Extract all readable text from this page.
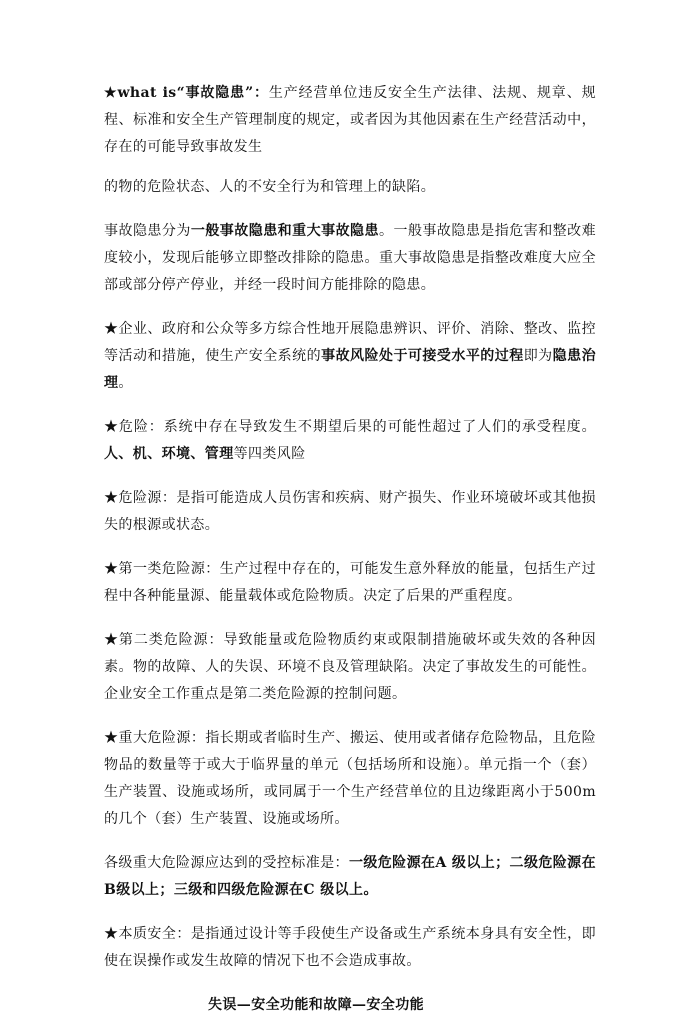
★what is“事故隐患”：生产经营单位违反安全生产法律、法规、规章、规程、标准和安全生产管理制度的规定，或者因为其他因素在生产经营活动中，存在的可能导致事故发生

的物的危险状态、人的不安全行为和管理上的缺陷。

事故隐患分为一般事故隐患和重大事故隐患。一般事故隐患是指危害和整改难度较小，发现后能够立即整改排除的隐患。重大事故隐患是指整改难度大应全部或部分停产停业，并经一段时间方能排除的隐患。

★企业、政府和公众等多方综合性地开展隐患辨识、评价、消除、整改、监控等活动和措施，使生产安全系统的事故风险处于可接受水平的过程即为隐患治理。

★危险：系统中存在导致发生不期望后果的可能性超过了人们的承受程度。人、机、环境、管理等四类风险

★危险源：是指可能造成人员伤害和疾病、财产损失、作业环境破坏或其他损失的根源或状态。

★第一类危险源：生产过程中存在的，可能发生意外释放的能量，包括生产过程中各种能量源、能量载体或危险物质。决定了后果的严重程度。

★第二类危险源：导致能量或危险物质约束或限制措施破坏或失效的各种因素。物的故障、人的失误、环境不良及管理缺陷。决定了事故发生的可能性。企业安全工作重点是第二类危险源的控制问题。

★重大危险源：指长期或者临时生产、搬运、使用或者储存危险物品，且危险物品的数量等于或大于临界量的单元（包括场所和设施）。单元指一个（套）生产装置、设施或场所，或同属于一个生产经营单位的且边缘距离小于500m 的几个（套）生产装置、设施或场所。

各级重大危险源应达到的受控标准是：一级危险源在A 级以上；二级危险源在B级以上；三级和四级危险源在C 级以上。

★本质安全：是指通过设计等手段使生产设备或生产系统本身具有安全性，即使在误操作或发生故障的情况下也不会造成事故。

失误—安全功能和故障—安全功能
